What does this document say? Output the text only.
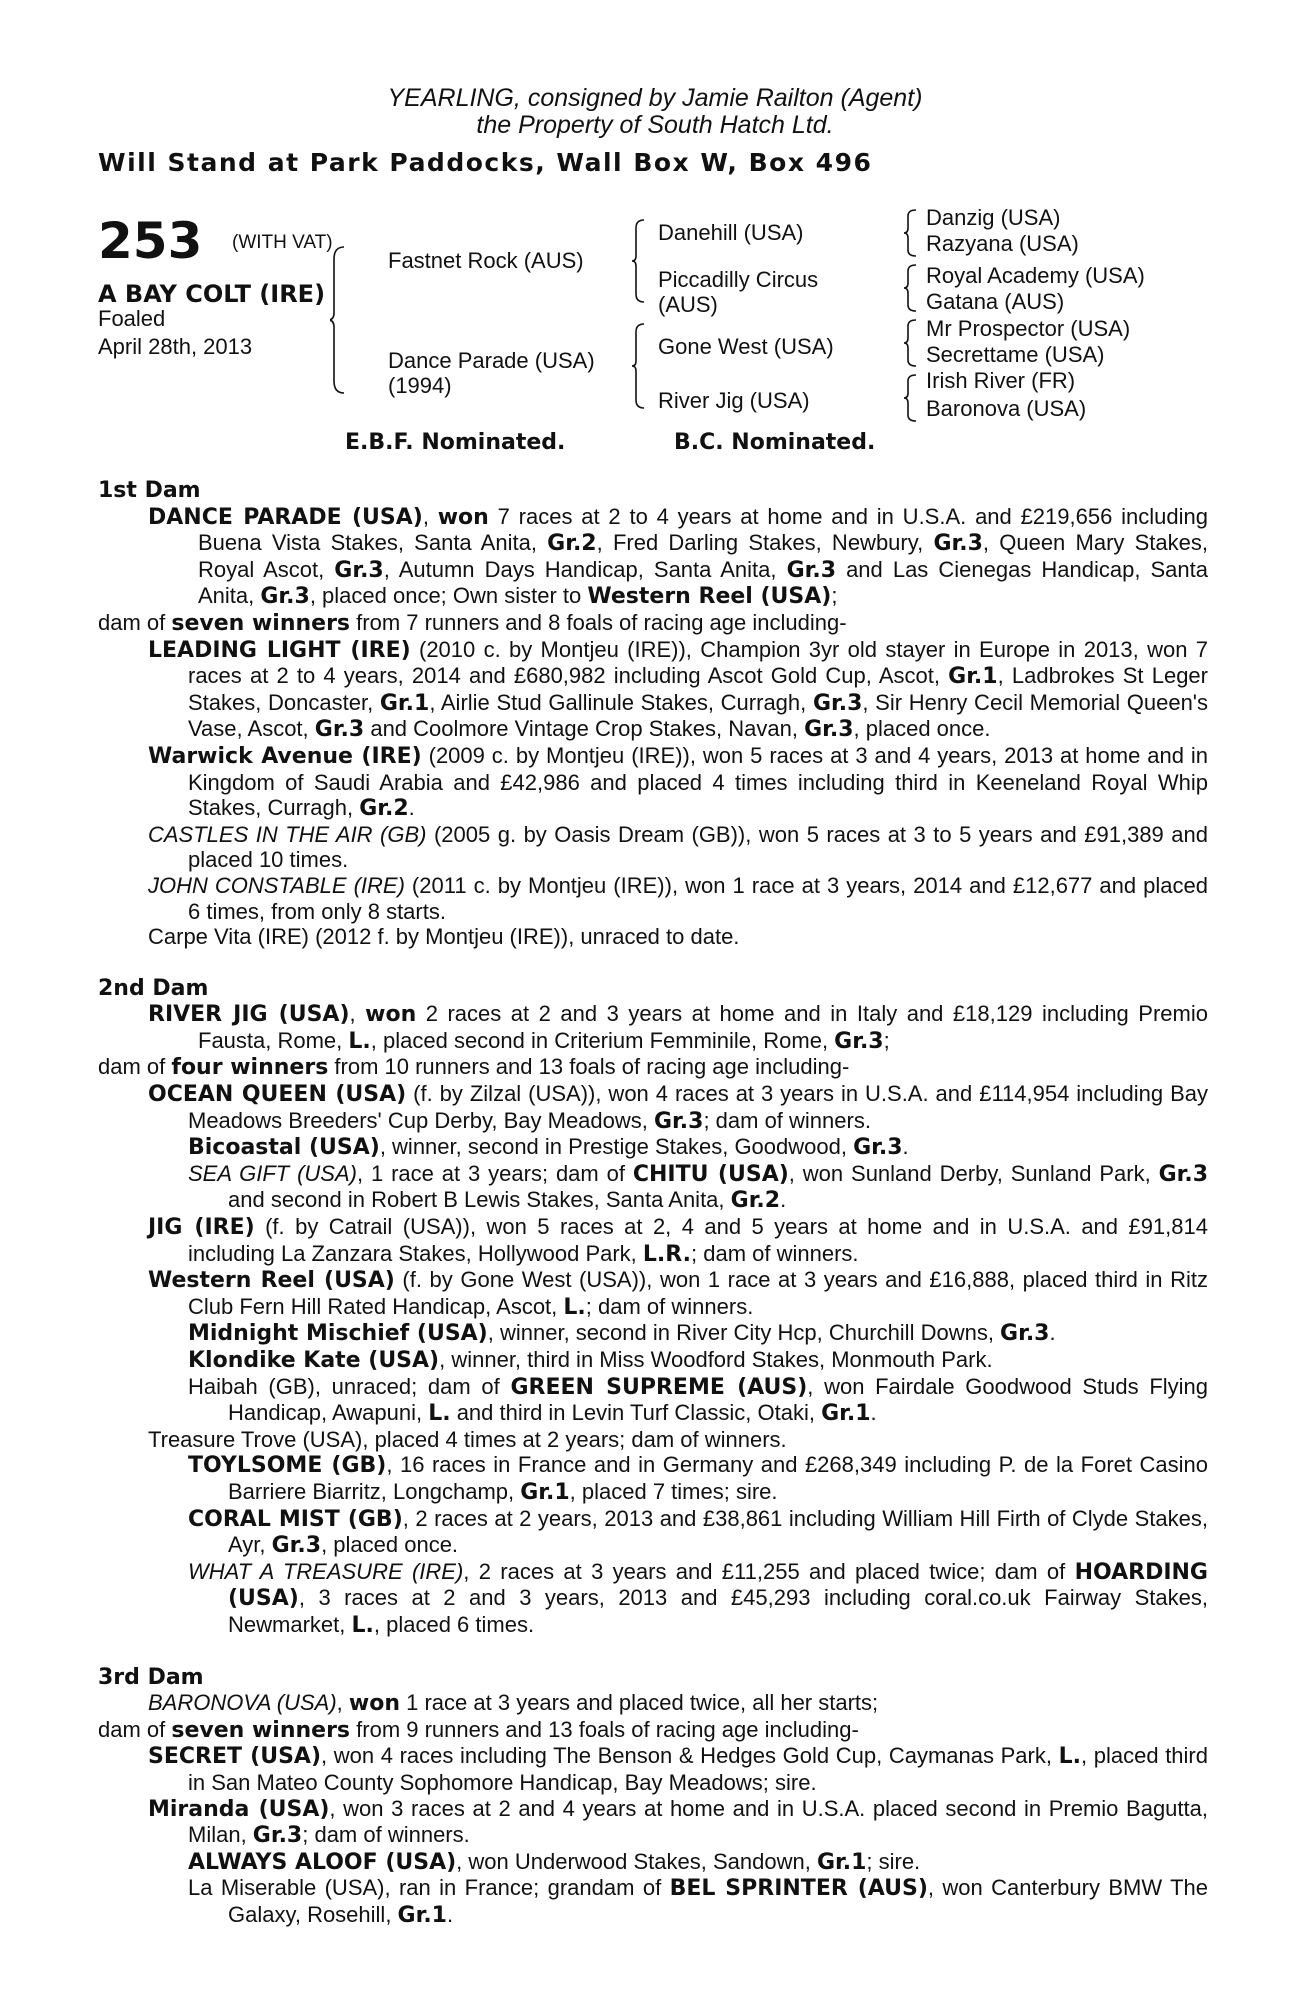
YEARLING, consigned by Jamie Railton (Agent)
the Property of South Hatch Ltd.
Will Stand at Park Paddocks, Wall Box W, Box 496
253 (WITH VAT)
A BAY COLT (IRE)
Foaled
April 28th, 2013
Fastnet Rock (AUS)
Dance Parade (USA)
(1994)
Danehill (USA)
Piccadilly Circus
(AUS)
Gone West (USA)
River Jig (USA)
Danzig (USA)
Razyana (USA)
Royal Academy (USA)
Gatana (AUS)
Mr Prospector (USA)
Secrettame (USA)
Irish River (FR)
Baronova (USA)
E.B.F. Nominated.	B.C. Nominated.
1st Dam
DANCE PARADE (USA), won 7 races at 2 to 4 years at home and in U.S.A. and £219,656 including Buena Vista Stakes, Santa Anita, Gr.2, Fred Darling Stakes, Newbury, Gr.3, Queen Mary Stakes, Royal Ascot, Gr.3, Autumn Days Handicap, Santa Anita, Gr.3 and Las Cienegas Handicap, Santa Anita, Gr.3, placed once; Own sister to Western Reel (USA);
dam of seven winners from 7 runners and 8 foals of racing age including-
LEADING LIGHT (IRE) (2010 c. by Montjeu (IRE)), Champion 3yr old stayer in Europe in 2013, won 7 races at 2 to 4 years, 2014 and £680,982 including Ascot Gold Cup, Ascot, Gr.1, Ladbrokes St Leger Stakes, Doncaster, Gr.1, Airlie Stud Gallinule Stakes, Curragh, Gr.3, Sir Henry Cecil Memorial Queen's Vase, Ascot, Gr.3 and Coolmore Vintage Crop Stakes, Navan, Gr.3, placed once.
Warwick Avenue (IRE) (2009 c. by Montjeu (IRE)), won 5 races at 3 and 4 years, 2013 at home and in Kingdom of Saudi Arabia and £42,986 and placed 4 times including third in Keeneland Royal Whip Stakes, Curragh, Gr.2.
CASTLES IN THE AIR (GB) (2005 g. by Oasis Dream (GB)), won 5 races at 3 to 5 years and £91,389 and placed 10 times.
JOHN CONSTABLE (IRE) (2011 c. by Montjeu (IRE)), won 1 race at 3 years, 2014 and £12,677 and placed 6 times, from only 8 starts.
Carpe Vita (IRE) (2012 f. by Montjeu (IRE)), unraced to date.
2nd Dam
RIVER JIG (USA), won 2 races at 2 and 3 years at home and in Italy and £18,129 including Premio Fausta, Rome, L., placed second in Criterium Femminile, Rome, Gr.3;
dam of four winners from 10 runners and 13 foals of racing age including-
OCEAN QUEEN (USA) (f. by Zilzal (USA)), won 4 races at 3 years in U.S.A. and £114,954 including Bay Meadows Breeders' Cup Derby, Bay Meadows, Gr.3; dam of winners.
Bicoastal (USA), winner, second in Prestige Stakes, Goodwood, Gr.3.
SEA GIFT (USA), 1 race at 3 years; dam of CHITU (USA), won Sunland Derby, Sunland Park, Gr.3 and second in Robert B Lewis Stakes, Santa Anita, Gr.2.
JIG (IRE) (f. by Catrail (USA)), won 5 races at 2, 4 and 5 years at home and in U.S.A. and £91,814 including La Zanzara Stakes, Hollywood Park, L.R.; dam of winners.
Western Reel (USA) (f. by Gone West (USA)), won 1 race at 3 years and £16,888, placed third in Ritz Club Fern Hill Rated Handicap, Ascot, L.; dam of winners.
Midnight Mischief (USA), winner, second in River City Hcp, Churchill Downs, Gr.3.
Klondike Kate (USA), winner, third in Miss Woodford Stakes, Monmouth Park.
Haibah (GB), unraced; dam of GREEN SUPREME (AUS), won Fairdale Goodwood Studs Flying Handicap, Awapuni, L. and third in Levin Turf Classic, Otaki, Gr.1.
Treasure Trove (USA), placed 4 times at 2 years; dam of winners.
TOYLSOME (GB), 16 races in France and in Germany and £268,349 including P. de la Foret Casino Barriere Biarritz, Longchamp, Gr.1, placed 7 times; sire.
CORAL MIST (GB), 2 races at 2 years, 2013 and £38,861 including William Hill Firth of Clyde Stakes, Ayr, Gr.3, placed once.
WHAT A TREASURE (IRE), 2 races at 3 years and £11,255 and placed twice; dam of HOARDING (USA), 3 races at 2 and 3 years, 2013 and £45,293 including coral.co.uk Fairway Stakes, Newmarket, L., placed 6 times.
3rd Dam
BARONOVA (USA), won 1 race at 3 years and placed twice, all her starts;
dam of seven winners from 9 runners and 13 foals of racing age including-
SECRET (USA), won 4 races including The Benson & Hedges Gold Cup, Caymanas Park, L., placed third in San Mateo County Sophomore Handicap, Bay Meadows; sire.
Miranda (USA), won 3 races at 2 and 4 years at home and in U.S.A. placed second in Premio Bagutta, Milan, Gr.3; dam of winners.
ALWAYS ALOOF (USA), won Underwood Stakes, Sandown, Gr.1; sire.
La Miserable (USA), ran in France; grandam of BEL SPRINTER (AUS), won Canterbury BMW The Galaxy, Rosehill, Gr.1.
